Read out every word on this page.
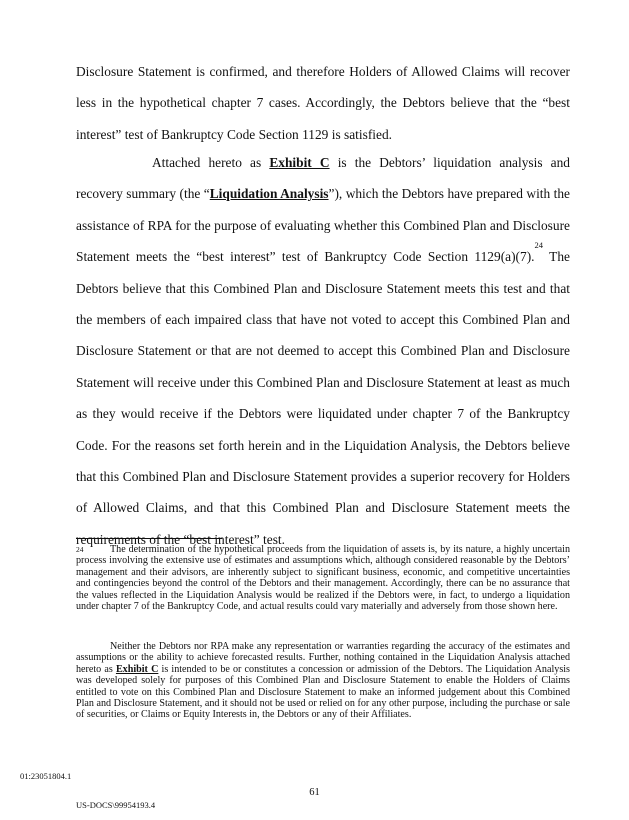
Disclosure Statement is confirmed, and therefore Holders of Allowed Claims will recover less in the hypothetical chapter 7 cases. Accordingly, the Debtors believe that the “best interest” test of Bankruptcy Code Section 1129 is satisfied.
Attached hereto as Exhibit C is the Debtors’ liquidation analysis and recovery summary (the “Liquidation Analysis”), which the Debtors have prepared with the assistance of RPA for the purpose of evaluating whether this Combined Plan and Disclosure Statement meets the “best interest” test of Bankruptcy Code Section 1129(a)(7).$^{24}$ The Debtors believe that this Combined Plan and Disclosure Statement meets this test and that the members of each impaired class that have not voted to accept this Combined Plan and Disclosure Statement or that are not deemed to accept this Combined Plan and Disclosure Statement will receive under this Combined Plan and Disclosure Statement at least as much as they would receive if the Debtors were liquidated under chapter 7 of the Bankruptcy Code. For the reasons set forth herein and in the Liquidation Analysis, the Debtors believe that this Combined Plan and Disclosure Statement provides a superior recovery for Holders of Allowed Claims, and that this Combined Plan and Disclosure Statement meets the requirements of the “best interest” test.
24	The determination of the hypothetical proceeds from the liquidation of assets is, by its nature, a highly uncertain process involving the extensive use of estimates and assumptions which, although considered reasonable by the Debtors’ management and their advisors, are inherently subject to significant business, economic, and competitive uncertainties and contingencies beyond the control of the Debtors and their management. Accordingly, there can be no assurance that the values reflected in the Liquidation Analysis would be realized if the Debtors were, in fact, to undergo a liquidation under chapter 7 of the Bankruptcy Code, and actual results could vary materially and adversely from those shown here.
Neither the Debtors nor RPA make any representation or warranties regarding the accuracy of the estimates and assumptions or the ability to achieve forecasted results. Further, nothing contained in the Liquidation Analysis attached hereto as Exhibit C is intended to be or constitutes a concession or admission of the Debtors. The Liquidation Analysis was developed solely for purposes of this Combined Plan and Disclosure Statement to enable the Holders of Claims entitled to vote on this Combined Plan and Disclosure Statement to make an informed judgement about this Combined Plan and Disclosure Statement, and it should not be used or relied on for any other purpose, including the purchase or sale of securities, or Claims or Equity Interests in, the Debtors or any of their Affiliates.
01:23051804.1
61
US-DOCS\99954193.4
